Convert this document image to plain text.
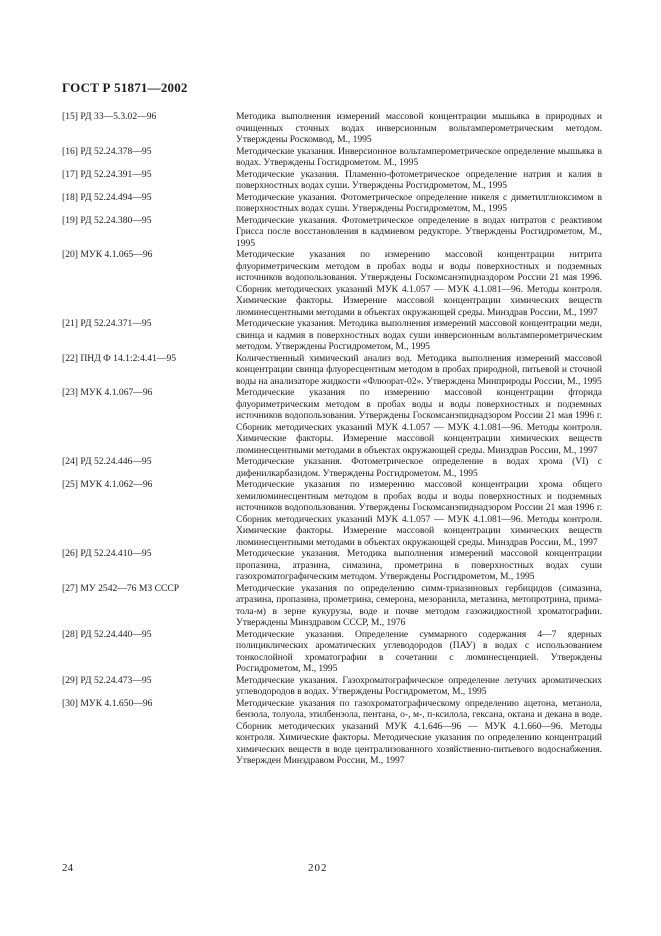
ГОСТ Р 51871—2002
[15] РД 33—5.3.02—96	Методика выполнения измерений массовой концентрации мышьяка в природных и очищенных сточных водах инверсионным вольтамперометрическим методом. Утверждены Роскомвод, М., 1995
[16] РД 52.24.378—95	Методические указания. Инверсионное вольтамперометрическое определение мышьяка в водах. Утверждены Госгидрометом. М., 1995
[17] РД 52.24.391—95	Методические указания. Пламенно-фотометрическое определение натрия и калия в поверхностных водах суши. Утверждены Росгидрометом, М., 1995
[18] РД 52.24.494—95	Методические указания. Фотометрическое определение никеля с диметилглиоксимом в поверхностных водах суши. Утверждены Росгидрометом, М., 1995
[19] РД 52.24.380—95	Методические указания. Фотометрическое определение в водах нитратов с реактивом Грисса после восстановления в кадмиевом редукторе. Утверждены Росгидрометом, М., 1995
[20] МУК 4.1.065—96	Методические указания по измерению массовой концентрации нитрита флуориметрическим методом в пробах воды и воды поверхностных и подземных источников водопользования. Утверждены Госкомсанэпидназдором России 21 мая 1996. Сборник методических указаний МУК 4.1.057 — МУК 4.1.081—96. Методы контроля. Химические факторы. Измерение массовой концентрации химических веществ люминесцентными методами в объектах окружающей среды. Минздрав России, М., 1997
[21] РД 52.24.371—95	Методические указания. Методика выполнения измерений массовой концентрации меди, свинца и кадмия в поверхностных водах суши инверсионным вольтамперометрическим методом. Утверждены Росгидрометом, М., 1995
[22] ПНД Ф 14.1:2:4.41—95	Количественный химический анализ вод. Методика выполнения измерений массовой концентрации свинца флуоресцентным методом в пробах природной, питьевой и сточной воды на анализаторе жидкости «Флюорат-02». Утверждена Минприроды России, М., 1995
[23] МУК 4.1.067—96	Методические указания по измерению массовой концентрации фторида флуориметрическим методом в пробах воды и воды поверхностных и подземных источников водопользования. Утверждены Госкомсанэпиднадзором России 21 мая 1996 г. Сборник методических указаний МУК 4.1.057 — МУК 4.1.081—96. Методы контроля. Химические факторы. Измерение массовой концентрации химических веществ люминесцентными методами в объектах окружающей среды. Минздрав России, М., 1997
[24] РД 52.24.446—95	Методические указания. Фотометрическое определение в водах хрома (VI) с дифенилкарбазидом. Утверждены Росгидрометом. М., 1995
[25] МУК 4.1.062—96	Методические указания по измерению массовой концентрации хрома общего хемилюминесцентным методом в пробах воды и воды поверхностных и подземных источников водопользования. Утверждены Госкомсанэпиднадзором России 21 мая 1996 г. Сборник методических указаний МУК 4.1.057 — МУК 4.1.081—96. Методы контроля. Химические факторы. Измерение массовой концентрации химических веществ люминесцентными методами в объектах окружающей среды. Минздрав России, М., 1997
[26] РД 52.24.410—95	Методические указания. Методика выполнения измерений массовой концентрации пропазина, атразина, симазина, прометрина в поверхностных водах суши газохроматографическим методом. Утверждены Росгидрометом, М., 1995
[27] МУ 2542—76 МЗ СССР	Методические указания по определению симм-триазиновых гербицидов (симазина, атразина, пропазина, прометрина, семерона, мезоранила, метазина, метопротрина, приматола-м) в зерне кукурузы, воде и почве методом газожидкостной хроматографии. Утверждены Минздравом СССР, М., 1976
[28] РД 52.24.440—95	Методические указания. Определение суммарного содержания 4—7 ядерных полициклических ароматических углеводородов (ПАУ) в водах с использованием тонкослойной хроматографии в сочетании с люминесценцией. Утверждены Росгидрометом, М., 1995
[29] РД 52.24.473—95	Методические указания. Газохроматографическое определение летучих ароматических углеводородов в водах. Утверждены Росгидрометом, М., 1995
[30] МУК 4.1.650—96	Методические указания по газохроматографическому определению ацетона, метанола, бензола, толуола, этилбензола, пентана, о-, м-, п-ксилола, гексана, октана и декана в воде. Сборник методических указаний МУК 4.1.646—96 — МУК 4.1.660—96. Методы контроля. Химические факторы. Методические указания по определению концентраций химических веществ в воде централизованного хозяйственно-питьевого водоснабжения. Утвержден Минздравом России, М., 1997
24	202
